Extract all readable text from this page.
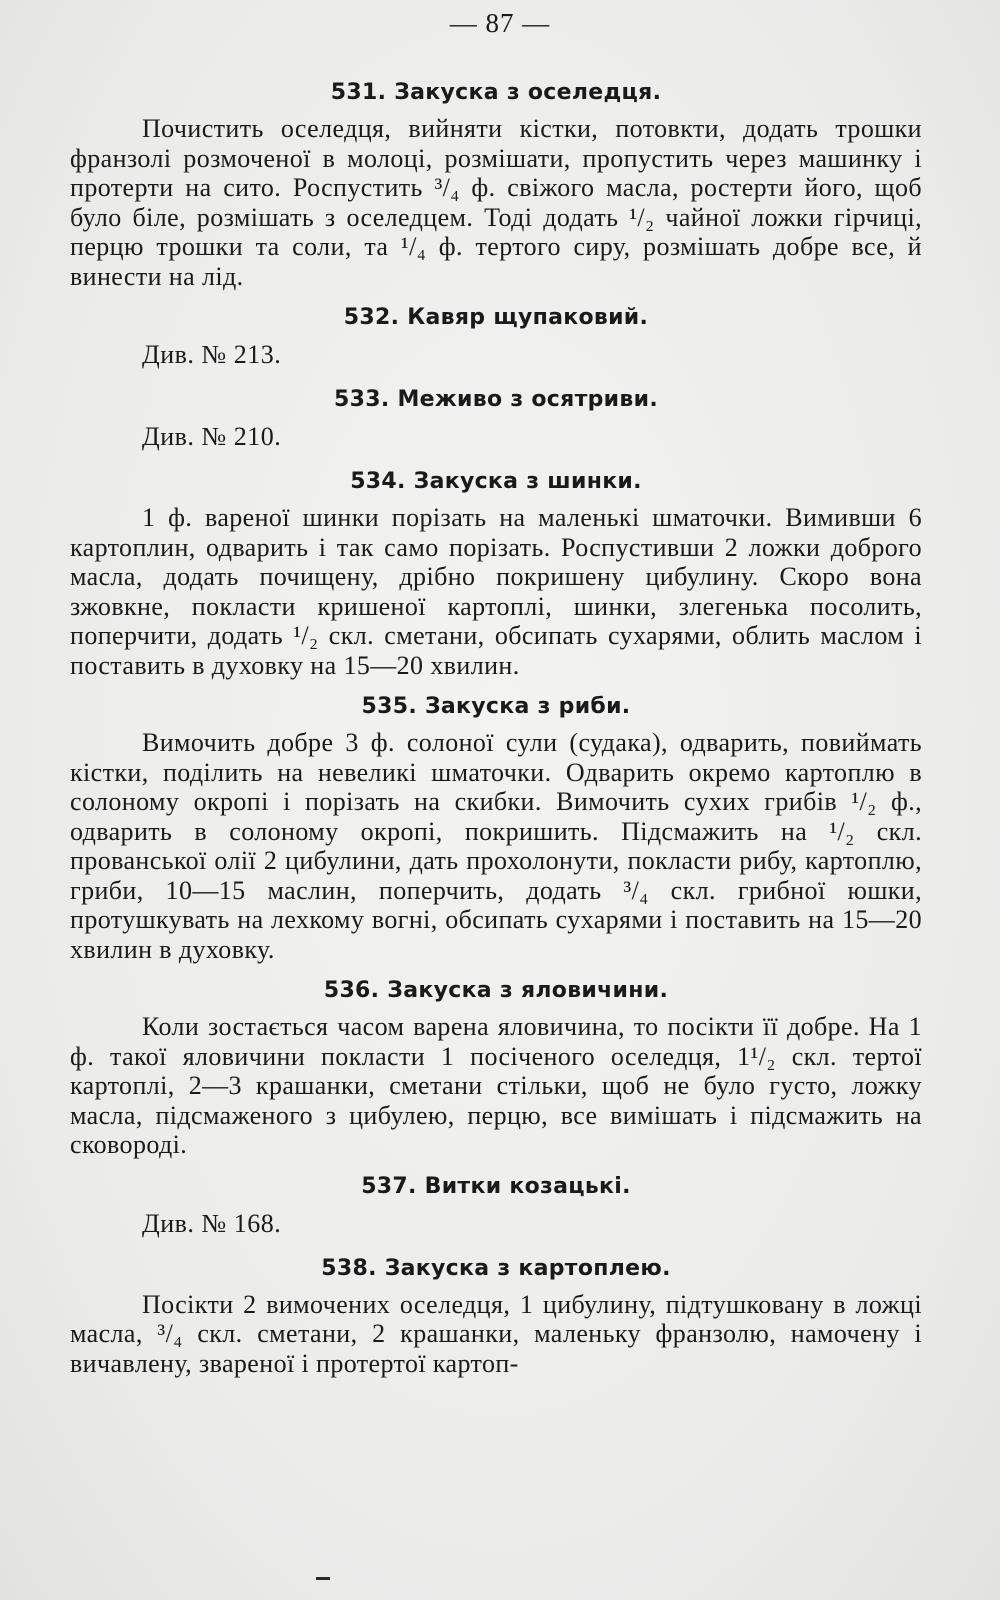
— 87 —
531. Закуска з оселедця.

Почистить оселедця, вийняти кістки, потовкти, додать трошки франзолі розмоченої в молоці, розмішати, пропустить через машинку і протерти на сито. Роспустить ³/₄ ф. свіжого масла, ростерти його, щоб було біле, розмішать з оселедцем. Тоді додать ¹/₂ чайної ложки гірчиці, перцю трошки та соли, та ¹/₄ ф. тертого сиру, розмішать добре все, й винести на лід.

532. Кавяр щупаковий.

Див. № 213.

533. Меживо з осятриви.

Див. № 210.

534. Закуска з шинки.

1 ф. вареної шинки порізать на маленькі шматочки. Вимивши 6 картоплин, одварить і так само порізать. Роспустивши 2 ложки доброго масла, додать почищену, дрібно покришену цибулину. Скоро вона зжовкне, покласти кришеної картоплі, шинки, злегенька посолить, поперчити, додать ¹/₂ скл. сметани, обсипать сухарями, облить маслом і поставить в духовку на 15—20 хвилин.

535. Закуска з риби.

Вимочить добре 3 ф. солоної сули (судака), одварить, повиймать кістки, поділить на невеликі шматочки. Одварить окремо картоплю в солоному окропі і порізать на скибки. Вимочить сухих грибів ¹/₂ ф., одварить в солоному окропі, покришить. Підсмажить на ¹/₂ скл. прованської олії 2 цибулини, дать прохолонути, покласти рибу, картоплю, гриби, 10—15 маслин, поперчить, додать ³/₄ скл. грибної юшки, протушкувать на лехкому вогні, обсипать сухарями і поставить на 15—20 хвилин в духовку.

536. Закуска з яловичини.

Коли зостається часом варена яловичина, то посікти її добре. На 1 ф. такої яловичини покласти 1 посіченого оселедця, 1¹/₂ скл. тертої картоплі, 2—3 крашанки, сметани стільки, щоб не було густо, ложку масла, підсмаженого з цибулею, перцю, все вимішать і підсмажить на сковороді.

537. Витки козацькі.

Див. № 168.

538. Закуска з картоплею.

Посікти 2 вимочених оселедця, 1 цибулину, підтушковану в ложці масла, ³/₄ скл. сметани, 2 крашанки, маленьку франзолю, намочену і вичавлену, звареної і протертої картоп-
